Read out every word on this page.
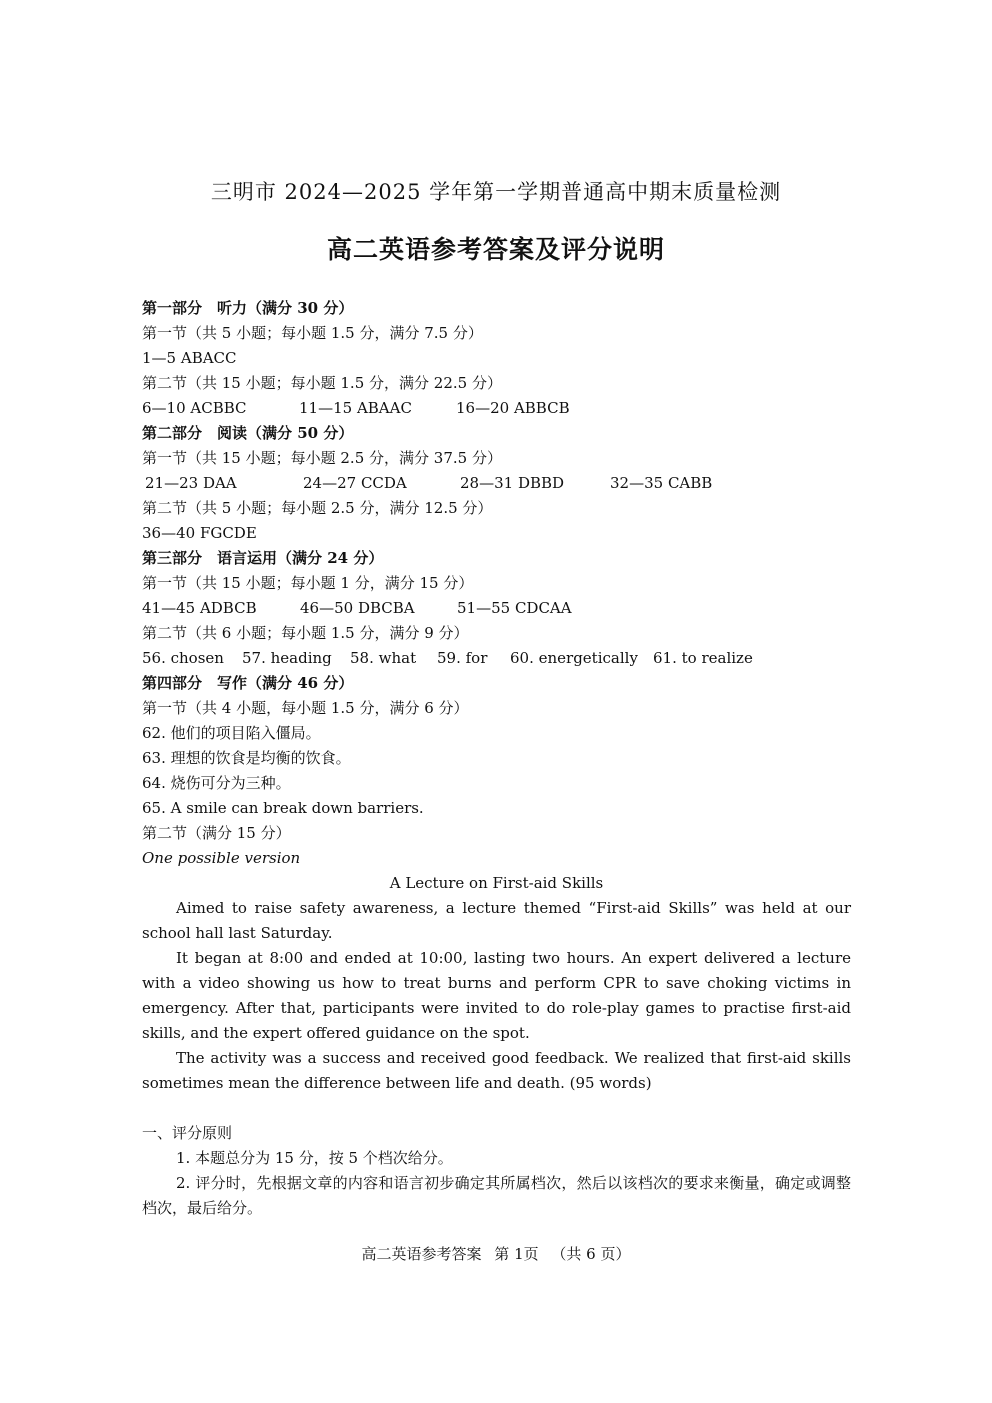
三明市 2024—2025 学年第一学期普通高中期末质量检测
高二英语参考答案及评分说明
第一部分　听力（满分 30 分）
第一节（共 5 小题；每小题 1.5 分，满分 7.5 分）
1—5 ABACC
第二节（共 15 小题；每小题 1.5 分，满分 22.5 分）
6—10 ACBBC	11—15 ABAAC	16—20 ABBCB
第二部分　阅读（满分 50 分）
第一节（共 15 小题；每小题 2.5 分，满分 37.5 分）
21—23 DAA	24—27 CCDA	28—31 DBBD	32—35 CABB
第二节（共 5 小题；每小题 2.5 分，满分 12.5 分）
36—40 FGCDE
第三部分　语言运用（满分 24 分）
第一节（共 15 小题；每小题 1 分，满分 15 分）
41—45 ADBCB	46—50 DBCBA	51—55 CDCAA
第二节（共 6 小题；每小题 1.5 分，满分 9 分）
56. chosen 57. heading 58. what 59. for 60. energetically 61. to realize
第四部分　写作（满分 46 分）
第一节（共 4 小题，每小题 1.5 分，满分 6 分）
62. 他们的项目陷入僵局。
63. 理想的饮食是均衡的饮食。
64. 烧伤可分为三种。
65. A smile can break down barriers.
第二节（满分 15 分）
One possible version
A Lecture on First-aid Skills
Aimed to raise safety awareness, a lecture themed “First-aid Skills” was held at our school hall last Saturday.
It began at 8:00 and ended at 10:00, lasting two hours. An expert delivered a lecture with a video showing us how to treat burns and perform CPR to save choking victims in emergency. After that, participants were invited to do role-play games to practise first-aid skills, and the expert offered guidance on the spot.
The activity was a success and received good feedback. We realized that first-aid skills sometimes mean the difference between life and death. (95 words)
一、评分原则
1. 本题总分为 15 分，按 5 个档次给分。
2. 评分时，先根据文章的内容和语言初步确定其所属档次，然后以该档次的要求来衡量，确定或调整档次，最后给分。
高二英语参考答案 第 1页 （共 6 页）
